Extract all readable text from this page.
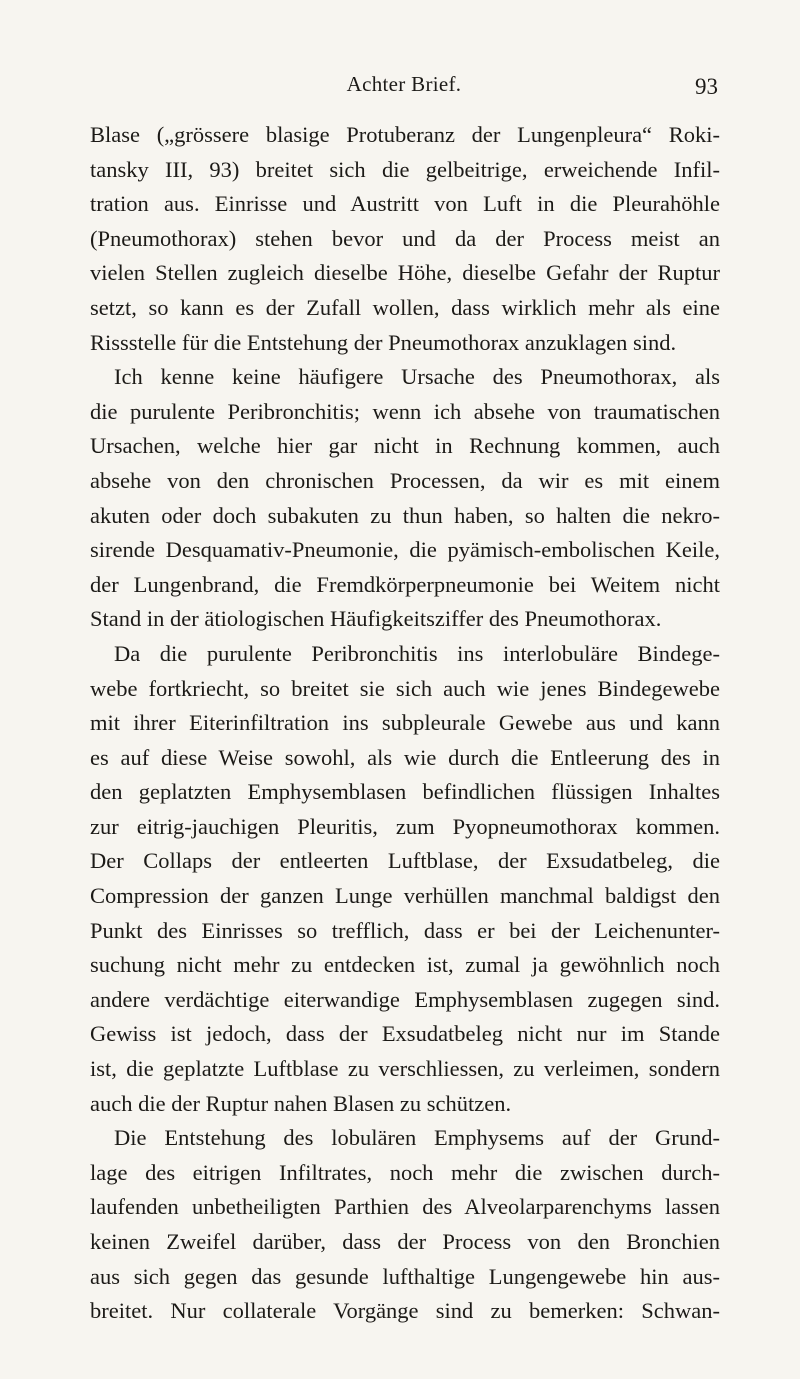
Achter Brief.	93
Blase („grössere blasige Protuberanz der Lungenpleura“ Roki-
tansky III, 93) breitet sich die gelbeitrige, erweichende Infil-
tration aus. Einrisse und Austritt von Luft in die Pleurahöhle
(Pneumothorax) stehen bevor und da der Process meist an
vielen Stellen zugleich dieselbe Höhe, dieselbe Gefahr der Ruptur
setzt, so kann es der Zufall wollen, dass wirklich mehr als eine
Rissstelle für die Entstehung der Pneumothorax anzuklagen sind.
Ich kenne keine häufigere Ursache des Pneumothorax, als
die purulente Peribronchitis; wenn ich absehe von traumatischen
Ursachen, welche hier gar nicht in Rechnung kommen, auch
absehe von den chronischen Processen, da wir es mit einem
akuten oder doch subakuten zu thun haben, so halten die nekro-
sirende Desquamativ-Pneumonie, die pyämisch-embolischen Keile,
der Lungenbrand, die Fremdkörperpneumonie bei Weitem nicht
Stand in der ätiologischen Häufigkeitsziffer des Pneumothorax.
Da die purulente Peribronchitis ins interlobuläre Bindege-
webe fortkriecht, so breitet sie sich auch wie jenes Bindegewebe
mit ihrer Eiterinfiltration ins subpleurale Gewebe aus und kann
es auf diese Weise sowohl, als wie durch die Entleerung des in
den geplatzten Emphysemblasen befindlichen flüssigen Inhaltes
zur eitrig-jauchigen Pleuritis, zum Pyopneumothorax kommen.
Der Collaps der entleerten Luftblase, der Exsudatbeleg, die
Compression der ganzen Lunge verhüllen manchmal baldigst den
Punkt des Einrisses so trefflich, dass er bei der Leichenunter-
suchung nicht mehr zu entdecken ist, zumal ja gewöhnlich noch
andere verdächtige eiterwandige Emphysemblasen zugegen sind.
Gewiss ist jedoch, dass der Exsudatbeleg nicht nur im Stande
ist, die geplatzte Luftblase zu verschliessen, zu verleimen, sondern
auch die der Ruptur nahen Blasen zu schützen.
Die Entstehung des lobulären Emphysems auf der Grund-
lage des eitrigen Infiltrates, noch mehr die zwischen durch-
laufenden unbetheiligten Parthien des Alveolarparenchyms lassen
keinen Zweifel darüber, dass der Process von den Bronchien
aus sich gegen das gesunde lufthaltige Lungengewebe hin aus-
breitet. Nur collaterale Vorgänge sind zu bemerken: Schwan-
